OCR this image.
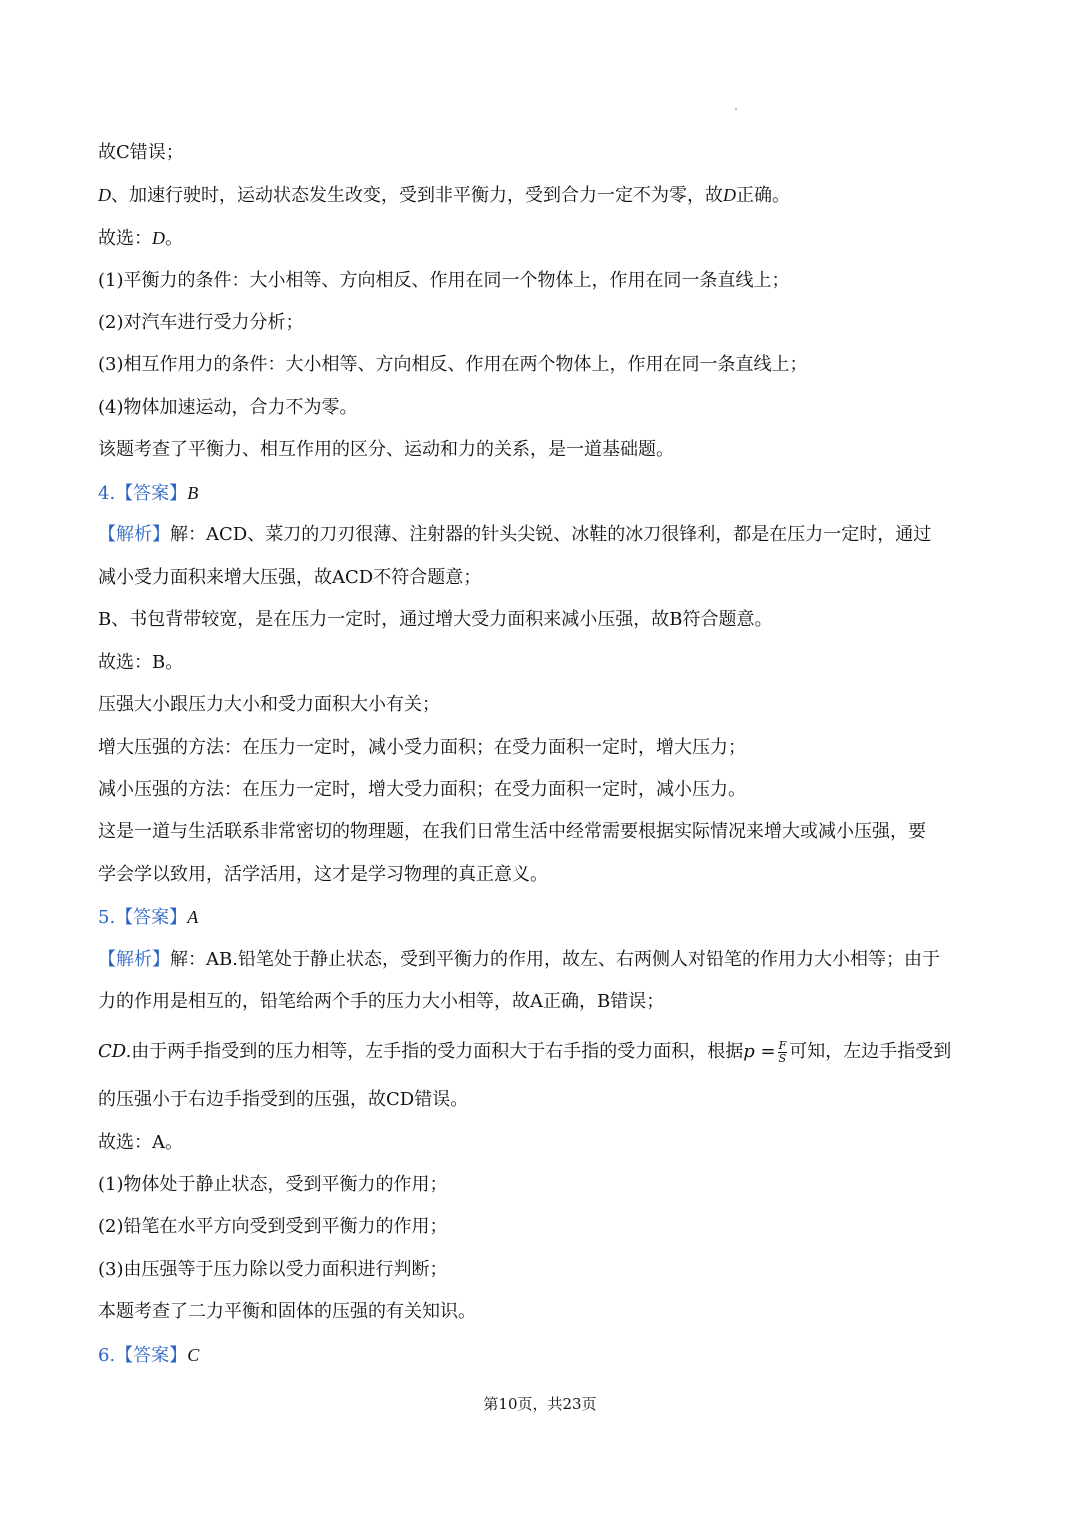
故C错误；
D、加速行驶时，运动状态发生改变，受到非平衡力，受到合力一定不为零，故D正确。
故选：D。
(1)平衡力的条件：大小相等、方向相反、作用在同一个物体上，作用在同一条直线上；
(2)对汽车进行受力分析；
(3)相互作用力的条件：大小相等、方向相反、作用在两个物体上，作用在同一条直线上；
(4)物体加速运动，合力不为零。
该题考查了平衡力、相互作用的区分、运动和力的关系，是一道基础题。
4.【答案】B
【解析】解：ACD、菜刀的刀刃很薄、注射器的针头尖锐、冰鞋的冰刀很锋利，都是在压力一定时，通过
减小受力面积来增大压强，故ACD不符合题意；
B、书包背带较宽，是在压力一定时，通过增大受力面积来减小压强，故B符合题意。
故选：B。
压强大小跟压力大小和受力面积大小有关；
增大压强的方法：在压力一定时，减小受力面积；在受力面积一定时，增大压力；
减小压强的方法：在压力一定时，增大受力面积；在受力面积一定时，减小压力。
这是一道与生活联系非常密切的物理题，在我们日常生活中经常需要根据实际情况来增大或减小压强，要
学会学以致用，活学活用，这才是学习物理的真正意义。
5.【答案】A
【解析】解：AB.铅笔处于静止状态，受到平衡力的作用，故左、右两侧人对铅笔的作用力大小相等；由于
力的作用是相互的，铅笔给两个手的压力大小相等，故A正确，B错误；
CD.由于两手指受到的压力相等，左手指的受力面积大于右手指的受力面积，根据$p = \frac{F}{S}$ 可知，左边手指受到
的压强小于右边手指受到的压强，故CD错误。
故选：A。
(1)物体处于静止状态，受到平衡力的作用；
(2)铅笔在水平方向受到受到平衡力的作用；
(3)由压强等于压力除以受力面积进行判断；
本题考查了二力平衡和固体的压强的有关知识。
6.【答案】C
第10页，共23页
